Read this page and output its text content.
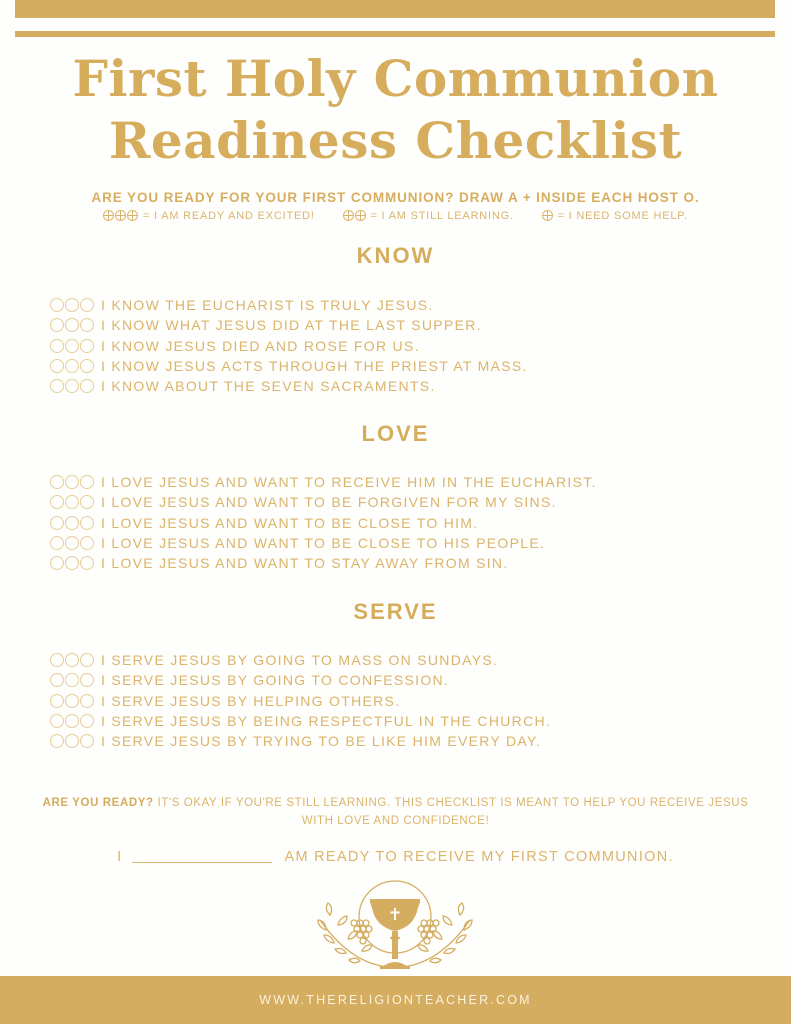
First Holy Communion
Readiness Checklist
ARE YOU READY FOR YOUR FIRST COMMUNION? DRAW A + INSIDE EACH HOST O.
= I AM READY AND EXCITED!	= I AM STILL LEARNING.	= I NEED SOME HELP.
KNOW
I KNOW THE EUCHARIST IS TRULY JESUS.
I KNOW WHAT JESUS DID AT THE LAST SUPPER.
I KNOW JESUS DIED AND ROSE FOR US.
I KNOW JESUS ACTS THROUGH THE PRIEST AT MASS.
I KNOW ABOUT THE SEVEN SACRAMENTS.
LOVE
I LOVE JESUS AND WANT TO RECEIVE HIM IN THE EUCHARIST.
I LOVE JESUS AND WANT TO BE FORGIVEN FOR MY SINS.
I LOVE JESUS AND WANT TO BE CLOSE TO HIM.
I LOVE JESUS AND WANT TO BE CLOSE TO HIS PEOPLE.
I LOVE JESUS AND WANT TO STAY AWAY FROM SIN.
SERVE
I SERVE JESUS BY GOING TO MASS ON SUNDAYS.
I SERVE JESUS BY GOING TO CONFESSION.
I SERVE JESUS BY HELPING OTHERS.
I SERVE JESUS BY BEING RESPECTFUL IN THE CHURCH.
I SERVE JESUS BY TRYING TO BE LIKE HIM EVERY DAY.
ARE YOU READY? IT'S OKAY IF YOU'RE STILL LEARNING. THIS CHECKLIST IS MEANT TO HELP YOU RECEIVE JESUS WITH LOVE AND CONFIDENCE!
I	AM READY TO RECEIVE MY FIRST COMMUNION.
WWW.THERELIGIONTEACHER.COM
